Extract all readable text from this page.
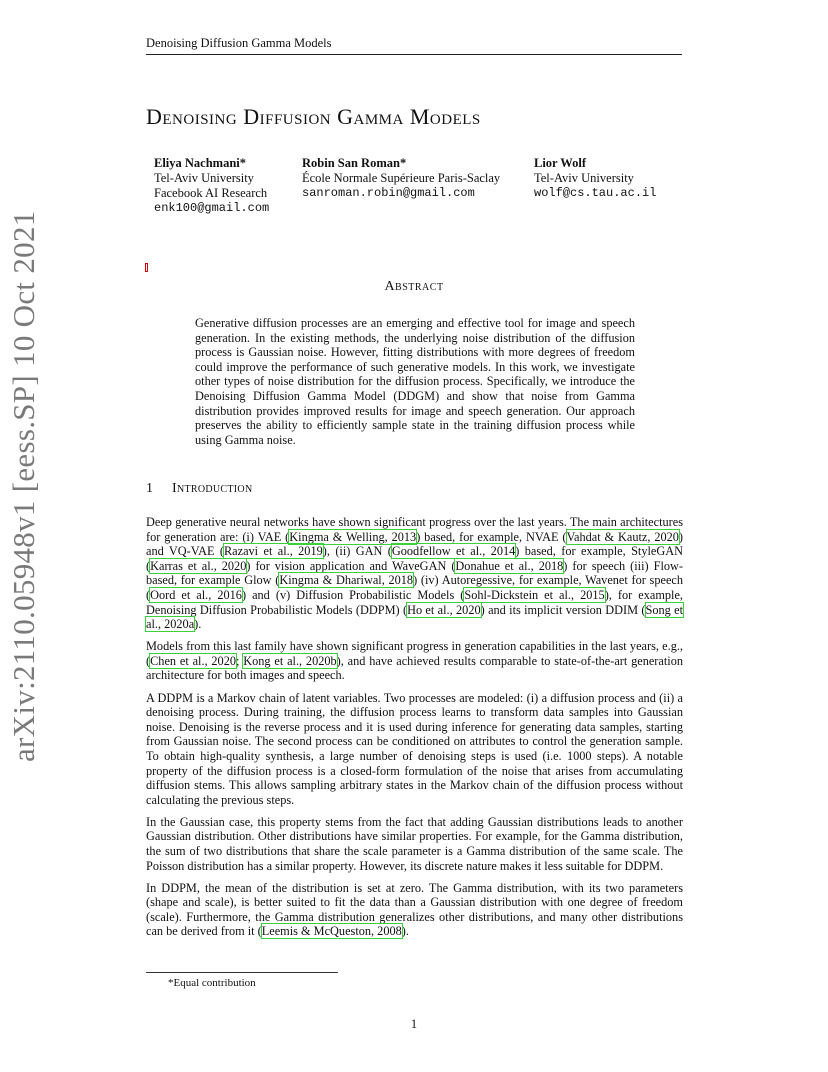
Denoising Diffusion Gamma Models
Denoising Diffusion Gamma Models
Eliya Nachmani*
Tel-Aviv University
Facebook AI Research
enk100@gmail.com
Robin San Roman*
École Normale Supérieure Paris-Saclay
sanroman.robin@gmail.com
Lior Wolf
Tel-Aviv University
wolf@cs.tau.ac.il
arXiv:2110.05948v1 [eess.SP] 10 Oct 2021	Abstract

Generative diffusion processes are an emerging and effective tool for image and speech generation. In the existing methods, the underlying noise distribution of the diffusion process is Gaussian noise. However, fitting distributions with more degrees of freedom could improve the performance of such generative models. In this work, we investigate other types of noise distribution for the diffusion process. Specifically, we introduce the Denoising Diffusion Gamma Model (DDGM) and show that noise from Gamma distribution provides improved results for image and speech generation. Our approach preserves the ability to efficiently sample state in the training diffusion process while using Gamma noise.

1 Introduction

Deep generative neural networks have shown significant progress over the last years. The main architectures for generation are: (i) VAE (Kingma & Welling, 2013) based, for example, NVAE (Vahdat & Kautz, 2020) and VQ-VAE (Razavi et al., 2019), (ii) GAN (Goodfellow et al., 2014) based, for example, StyleGAN (Karras et al., 2020) for vision application and WaveGAN (Donahue et al., 2018) for speech (iii) Flow-based, for example Glow (Kingma & Dhariwal, 2018) (iv) Autoregessive, for example, Wavenet for speech (Oord et al., 2016) and (v) Diffusion Probabilistic Models (Sohl-Dickstein et al., 2015), for example, Denoising Diffusion Probabilistic Models (DDPM) (Ho et al., 2020) and its implicit version DDIM (Song et al., 2020a).

Models from this last family have shown significant progress in generation capabilities in the last years, e.g., (Chen et al., 2020; Kong et al., 2020b), and have achieved results comparable to state-of-the-art generation architecture for both images and speech.

A DDPM is a Markov chain of latent variables. Two processes are modeled: (i) a diffusion process and (ii) a denoising process. During training, the diffusion process learns to transform data samples into Gaussian noise. Denoising is the reverse process and it is used during inference for generating data samples, starting from Gaussian noise. The second process can be conditioned on attributes to control the generation sample. To obtain high-quality synthesis, a large number of denoising steps is used (i.e. 1000 steps). A notable property of the diffusion process is a closed-form formulation of the noise that arises from accumulating diffusion stems. This allows sampling arbitrary states in the Markov chain of the diffusion process without calculating the previous steps.

In the Gaussian case, this property stems from the fact that adding Gaussian distributions leads to another Gaussian distribution. Other distributions have similar properties. For example, for the Gamma distribution, the sum of two distributions that share the scale parameter is a Gamma distribution of the same scale. The Poisson distribution has a similar property. However, its discrete nature makes it less suitable for DDPM.

In DDPM, the mean of the distribution is set at zero. The Gamma distribution, with its two parameters (shape and scale), is better suited to fit the data than a Gaussian distribution with one degree of freedom (scale). Furthermore, the Gamma distribution generalizes other distributions, and many other distributions can be derived from it (Leemis & McQueston, 2008).

*Equal contribution
1
